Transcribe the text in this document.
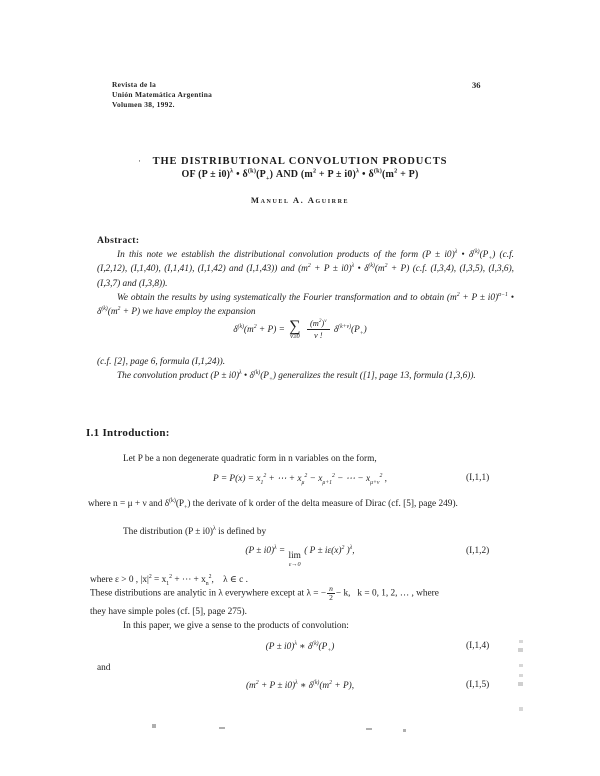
Revista de la
Unión Matemática Argentina
Volumen 38, 1992.
36
·	THE DISTRIBUTIONAL CONVOLUTION PRODUCTS
OF $(P \pm i0)^\lambda$ • $\delta^{(k)}(P_+)$ AND $(m^2 + P \pm i0)^\lambda$ • $\delta^{(k)}(m^2 + P)$
Manuel A. Aguirre
Abstract:
In this note we establish the distributional convolution products of the form $(P \pm i0)^\lambda$ • $\delta^{(k)}(P_+)$ (c.f. (I,2,12), (I,1,40), (I,1,41), (I,1,42) and (I,1,43)) and $(m^2 + P \pm i0)^\lambda$ • $\delta^{(k)}(m^2 + P)$ (c.f. (I,3,4), (I,3,5), (I,3,6), (I,3,7) and (I,3,8)).
We obtain the results by using systematically the Fourier transformation and to obtain $(m^2 + P \pm i0)^{\alpha-1}$ • $\delta^{(k)}(m^2 + P)$ we have employ the expansion
$\delta^{(k)}(m^2 + P)$ = ∑
ν≥0
$\frac{(m^2)^\nu}{\nu !} \delta^{(k+\nu)}(P_+)$
(c.f. [2], page 6, formula (I,1,24)).
The convolution product $(P \pm i0)^\lambda$ • $\delta^{(k)}(P_+)$ generalizes the result ([1], page 13, formula (1,3,6)).
I.1 Introduction:
Let P be a non degenerate quadratic form in n variables on the form,
$P = P(x) = x_1^2$ + ⋯ + $x_\mu^2 - x_{\mu+1}^2$ − ⋯ − $x_{\mu+\nu}^2$ ,	(I,1,1)
where n = μ + ν and $\delta^{(k)}(P_+)$ the derivate of k order of the delta measure of Dirac (cf. [5], page 249).
The distribution $(P \pm i0)^\lambda$ is defined by
$(P \pm i0)^\lambda = \lim$
ε→0
( $P \pm i\varepsilon(x)^2$ )$^\lambda$,	(I,1,2)
where ε > 0 , $|x|^2 = x_1^2$ + ⋯ + $x_n^2$,    λ ∈ c .
These distributions are analytic in λ everywhere except at λ = − $\frac{n}{2} - k$,   k = 0, 1, 2, … , where
they have simple poles (cf. [5], page 275).
In this paper, we give a sense to the products of convolution:
$(P \pm i0)^\lambda$ ∗ $\delta^{(k)}(P_+)$	(I,1,4)
and
$(m^2 + P \pm i0)^\lambda$ ∗ $\delta^{(k)}(m^2 + P)$,	(I,1,5)
